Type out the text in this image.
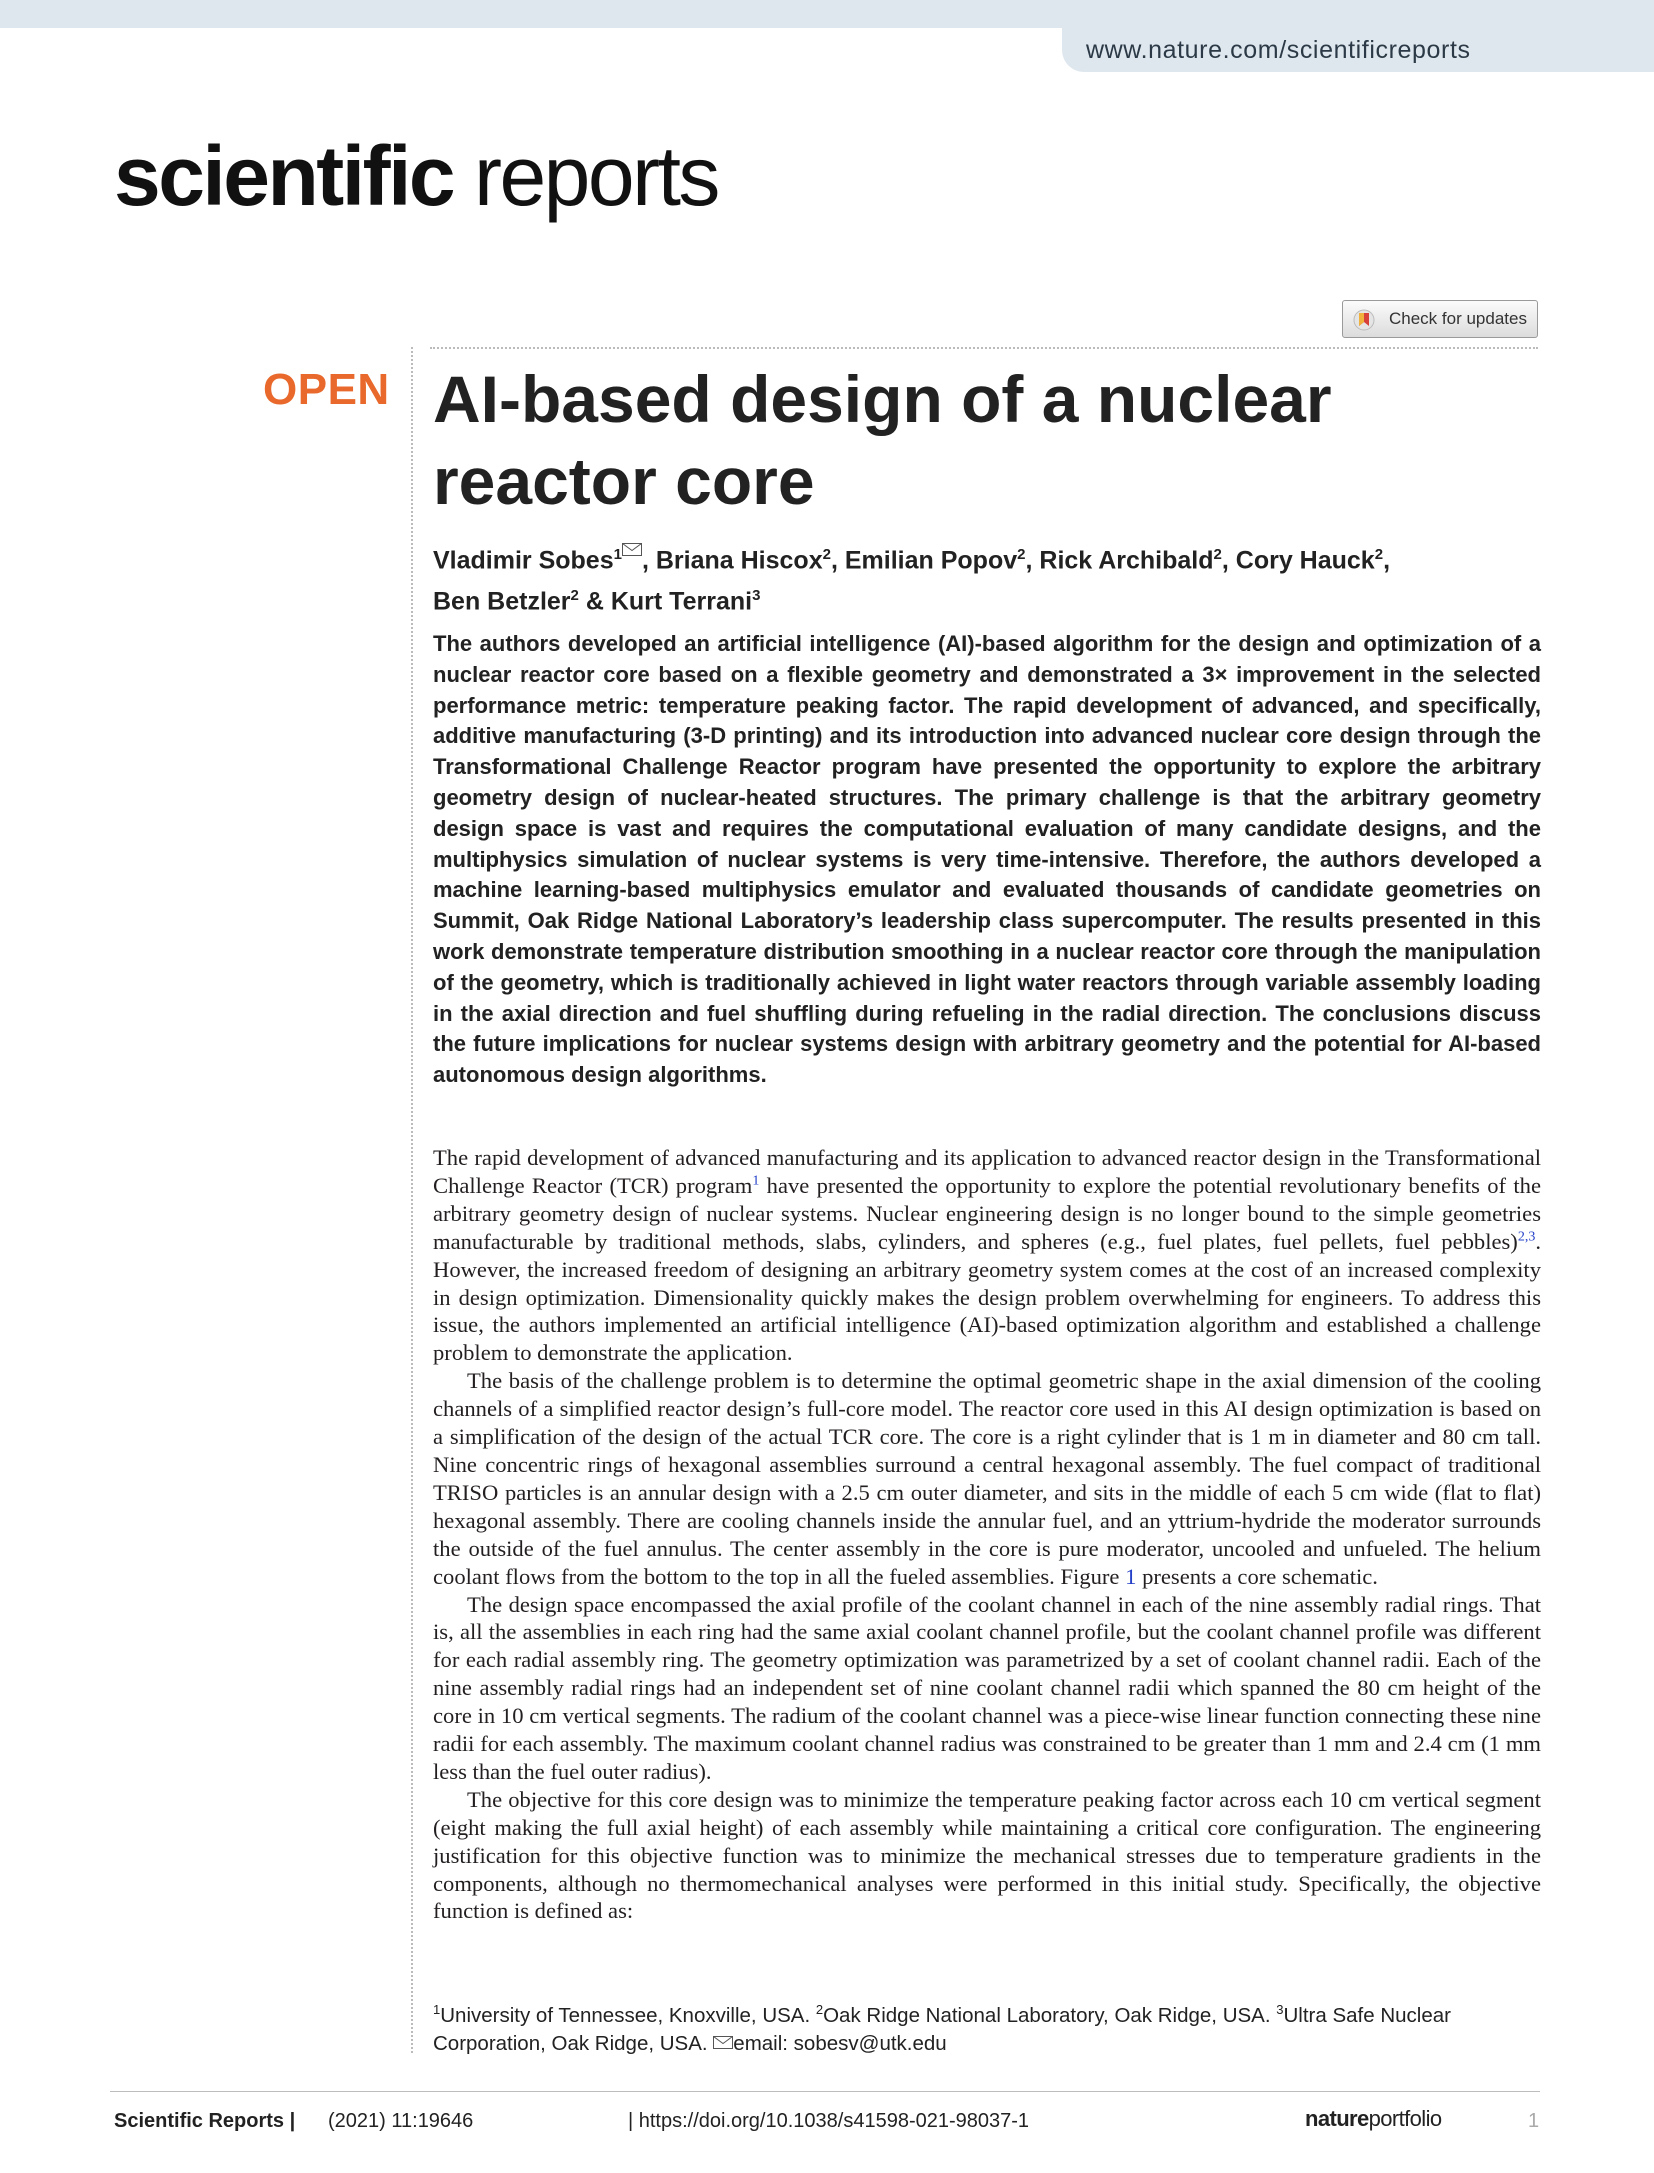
www.nature.com/scientificreports
scientific reports
Check for updates
OPEN AI-based design of a nuclear reactor core
Vladimir Sobes$^1$ , Briana Hiscox$^2$, Emilian Popov$^2$, Rick Archibald$^2$, Cory Hauck$^2$,
Ben Betzler$^2$ & Kurt Terrani$^3$

The authors developed an artificial intelligence (AI)-based algorithm for the design and optimization of a nuclear reactor core based on a flexible geometry and demonstrated a 3× improvement in the selected performance metric: temperature peaking factor. The rapid development of advanced, and specifically, additive manufacturing (3-D printing) and its introduction into advanced nuclear core design through the Transformational Challenge Reactor program have presented the opportunity to explore the arbitrary geometry design of nuclear-heated structures. The primary challenge is that the arbitrary geometry design space is vast and requires the computational evaluation of many candidate designs, and the multiphysics simulation of nuclear systems is very time-intensive. Therefore, the authors developed a machine learning-based multiphysics emulator and evaluated thousands of candidate geometries on Summit, Oak Ridge National Laboratory’s leadership class supercomputer. The results presented in this work demonstrate temperature distribution smoothing in a nuclear reactor core through the manipulation of the geometry, which is traditionally achieved in light water reactors through variable assembly loading in the axial direction and fuel shuffling during refueling in the radial direction. The conclusions discuss the future implications for nuclear systems design with arbitrary geometry and the potential for AI-based autonomous design algorithms.

The rapid development of advanced manufacturing and its application to advanced reactor design in the Transformational Challenge Reactor (TCR) program$^1$ have presented the opportunity to explore the potential revolutionary benefits of the arbitrary geometry design of nuclear systems. Nuclear engineering design is no longer bound to the simple geometries manufacturable by traditional methods, slabs, cylinders, and spheres (e.g., fuel plates, fuel pellets, fuel pebbles)$^{2,3}$. However, the increased freedom of designing an arbitrary geometry system comes at the cost of an increased complexity in design optimization. Dimensionality quickly makes the design problem overwhelming for engineers. To address this issue, the authors implemented an artificial intelligence (AI)-based optimization algorithm and established a challenge problem to demonstrate the application.

The basis of the challenge problem is to determine the optimal geometric shape in the axial dimension of the cooling channels of a simplified reactor design’s full-core model. The reactor core used in this AI design optimization is based on a simplification of the design of the actual TCR core. The core is a right cylinder that is 1 m in diameter and 80 cm tall. Nine concentric rings of hexagonal assemblies surround a central hexagonal assembly. The fuel compact of traditional TRISO particles is an annular design with a 2.5 cm outer diameter, and sits in the middle of each 5 cm wide (flat to flat) hexagonal assembly. There are cooling channels inside the annular fuel, and an yttrium-hydride the moderator surrounds the outside of the fuel annulus. The center assembly in the core is pure moderator, uncooled and unfueled. The helium coolant flows from the bottom to the top in all the fueled assemblies. Figure 1 presents a core schematic.

The design space encompassed the axial profile of the coolant channel in each of the nine assembly radial rings. That is, all the assemblies in each ring had the same axial coolant channel profile, but the coolant channel profile was different for each radial assembly ring. The geometry optimization was parametrized by a set of coolant channel radii. Each of the nine assembly radial rings had an independent set of nine coolant channel radii which spanned the 80 cm height of the core in 10 cm vertical segments. The radium of the coolant channel was a piece-wise linear function connecting these nine radii for each assembly. The maximum coolant channel radius was constrained to be greater than 1 mm and 2.4 cm (1 mm less than the fuel outer radius).

The objective for this core design was to minimize the temperature peaking factor across each 10 cm vertical segment (eight making the full axial height) of each assembly while maintaining a critical core configuration. The engineering justification for this objective function was to minimize the mechanical stresses due to temperature gradients in the components, although no thermomechanical analyses were performed in this initial study. Specifically, the objective function is defined as:

$^1$University of Tennessee, Knoxville, USA. $^2$Oak Ridge National Laboratory, Oak Ridge, USA. $^3$Ultra Safe Nuclear Corporation, Oak Ridge, USA. email: sobesv@utk.edu
Scientific Reports | (2021) 11:19646	| https://doi.org/10.1038/s41598-021-98037-1	natureportfolio	1
